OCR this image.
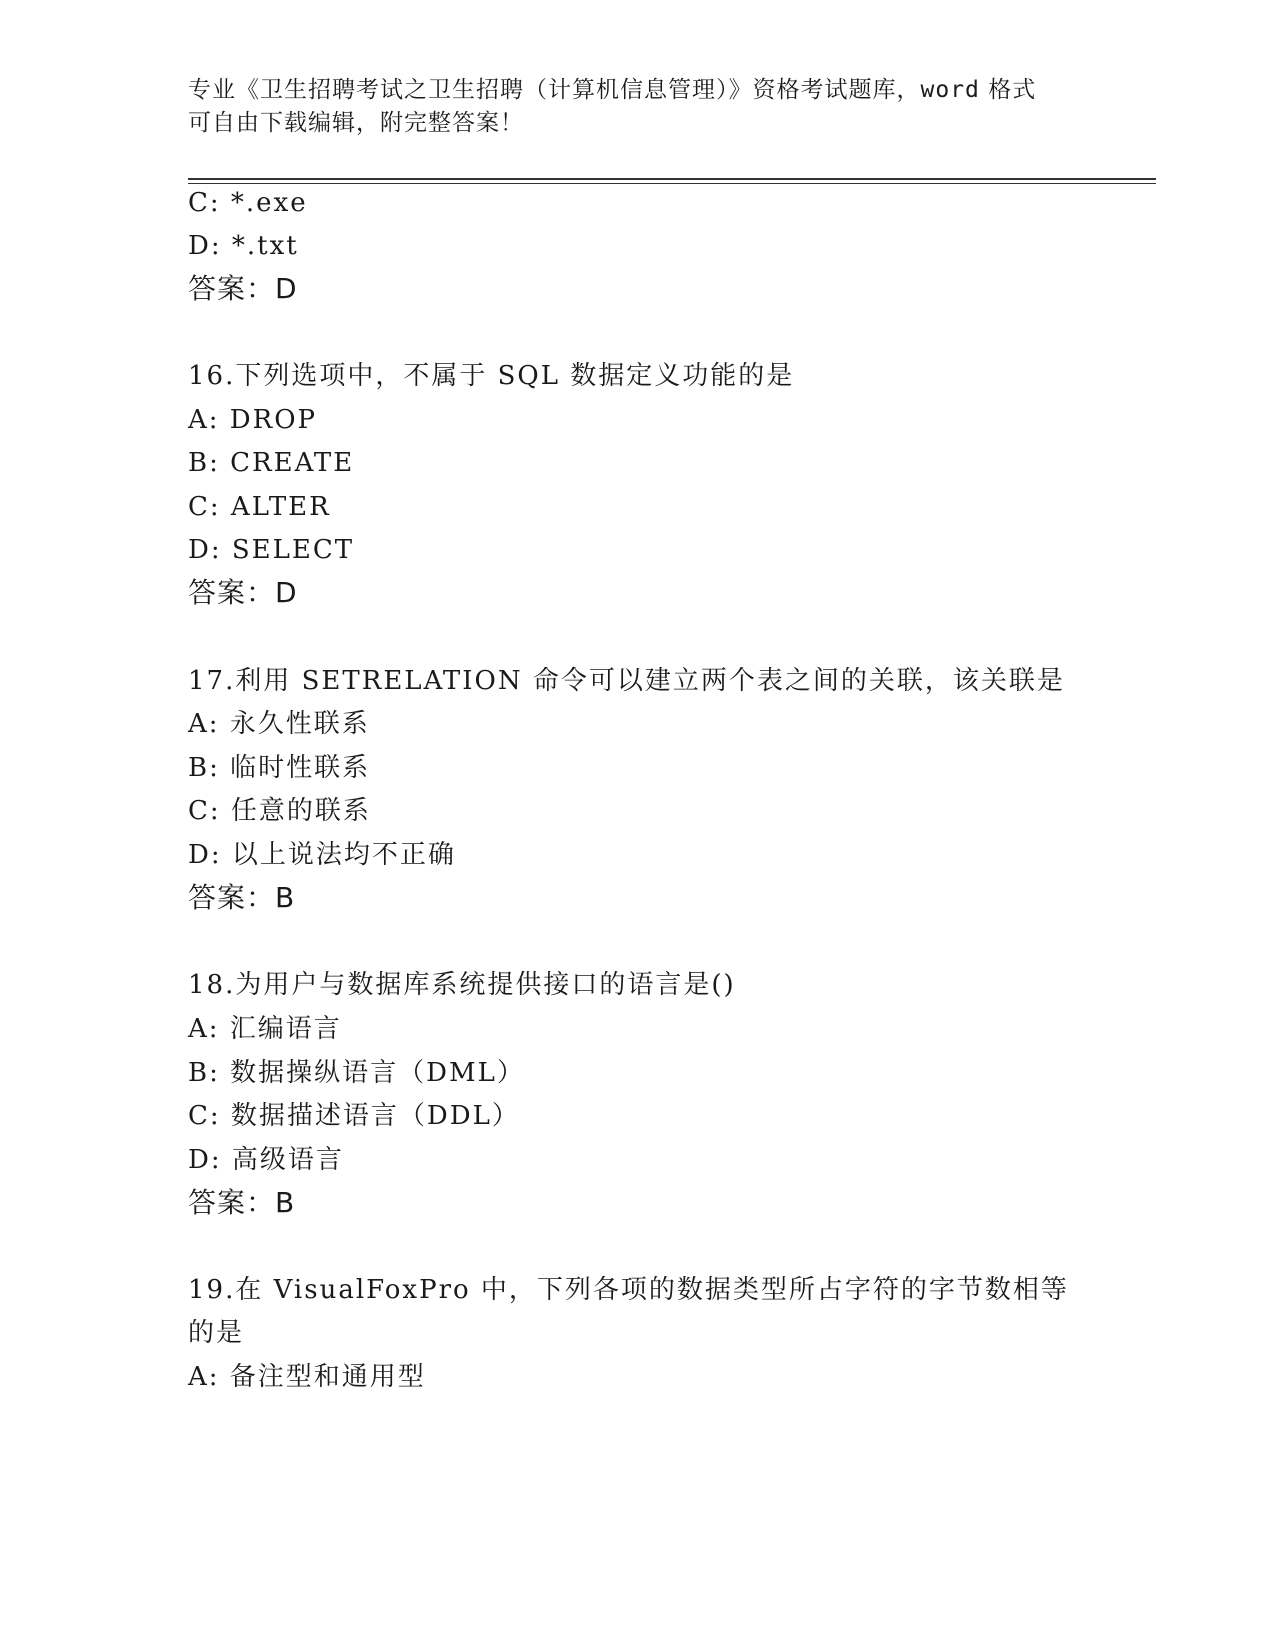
专业《卫生招聘考试之卫生招聘（计算机信息管理）》资格考试题库，word 格式
可自由下载编辑，附完整答案！
C: *.exe
D: *.txt
答案：D
16.下列选项中，不属于 SQL 数据定义功能的是
A: DROP
B: CREATE
C: ALTER
D: SELECT
答案：D
17.利用 SETRELATION 命令可以建立两个表之间的关联，该关联是
A: 永久性联系
B: 临时性联系
C: 任意的联系
D: 以上说法均不正确
答案：B
18.为用户与数据库系统提供接口的语言是()
A: 汇编语言
B: 数据操纵语言（DML）
C: 数据描述语言（DDL）
D: 高级语言
答案：B
19.在 VisualFoxPro 中，下列各项的数据类型所占字符的字节数相等
的是
A: 备注型和通用型
